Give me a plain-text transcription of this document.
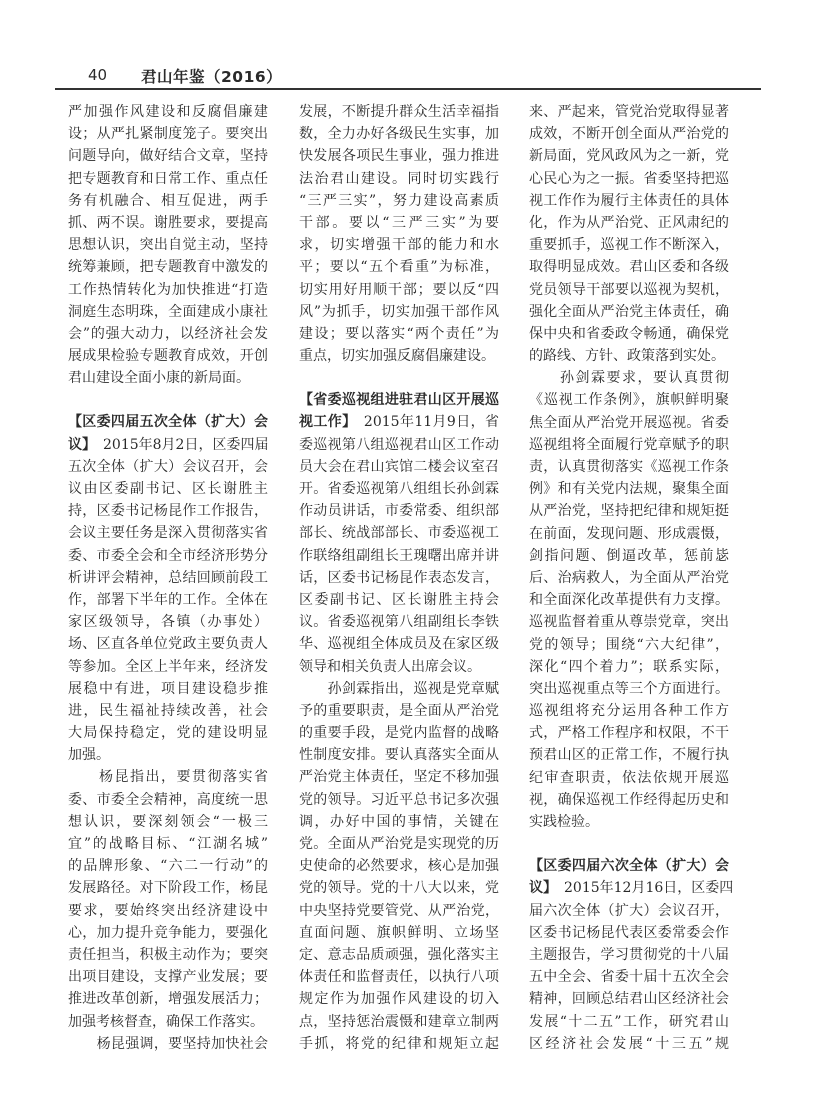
40 君山年鉴（2016）
严加强作风建设和反腐倡廉建
设；从严扎紧制度笼子。要突出
问题导向，做好结合文章，坚持
把专题教育和日常工作、重点任
务有机融合、相互促进，两手
抓、两不误。谢胜要求，要提高
思想认识，突出自觉主动，坚持
统筹兼顾，把专题教育中激发的
工作热情转化为加快推进“打造
洞庭生态明珠，全面建成小康社
会”的强大动力，以经济社会发
展成果检验专题教育成效，开创
君山建设全面小康的新局面。
【区委四届五次全体（扩大）会
议】　2015年8月2日，区委四届
五次全体（扩大）会议召开，会
议由区委副书记、区长谢胜主
持，区委书记杨昆作工作报告，
会议主要任务是深入贯彻落实省
委、市委全会和全市经济形势分
析讲评会精神，总结回顾前段工
作，部署下半年的工作。全体在
家区级领导，各镇（办事处）
场、区直各单位党政主要负责人
等参加。全区上半年来，经济发
展稳中有进，项目建设稳步推
进，民生福祉持续改善，社会
大局保持稳定，党的建设明显
加强。
　　杨昆指出，要贯彻落实省
委、市委全会精神，高度统一思
想认识，要深刻领会“一极三
宜”的战略目标、“江湖名城”
的品牌形象、“六二一行动”的
发展路径。对下阶段工作，杨昆
要求，要始终突出经济建设中
心，加力提升竞争能力，要强化
责任担当，积极主动作为；要突
出项目建设，支撑产业发展；要
推进改革创新，增强发展活力；
加强考核督查，确保工作落实。
　　杨昆强调，要坚持加快社会
发展，不断提升群众生活幸福指
数，全力办好各级民生实事，加
快发展各项民生事业，强力推进
法治君山建设。同时切实践行
“三严三实”，努力建设高素质
干部。要以“三严三实”为要
求，切实增强干部的能力和水
平；要以“五个看重”为标准，
切实用好用顺干部；要以反“四
风”为抓手，切实加强干部作风
建设；要以落实“两个责任”为
重点，切实加强反腐倡廉建设。
【省委巡视组进驻君山区开展巡
视工作】　2015年11月9日，省
委巡视第八组巡视君山区工作动
员大会在君山宾馆二楼会议室召
开。省委巡视第八组组长孙剑霖
作动员讲话，市委常委、组织部
部长、统战部部长、市委巡视工
作联络组副组长王瑰曙出席并讲
话，区委书记杨昆作表态发言，
区委副书记、区长谢胜主持会
议。省委巡视第八组副组长李铁
华、巡视组全体成员及在家区级
领导和相关负责人出席会议。
　　孙剑霖指出，巡视是党章赋
予的重要职责，是全面从严治党
的重要手段，是党内监督的战略
性制度安排。要认真落实全面从
严治党主体责任，坚定不移加强
党的领导。习近平总书记多次强
调，办好中国的事情，关键在
党。全面从严治党是实现党的历
史使命的必然要求，核心是加强
党的领导。党的十八大以来，党
中央坚持党要管党、从严治党，
直面问题、旗帜鲜明、立场坚
定、意志品质顽强，强化落实主
体责任和监督责任，以执行八项
规定作为加强作风建设的切入
点，坚持惩治震慑和建章立制两
手抓，将党的纪律和规矩立起
来、严起来，管党治党取得显著
成效，不断开创全面从严治党的
新局面，党风政风为之一新，党
心民心为之一振。省委坚持把巡
视工作作为履行主体责任的具体
化，作为从严治党、正风肃纪的
重要抓手，巡视工作不断深入，
取得明显成效。君山区委和各级
党员领导干部要以巡视为契机，
强化全面从严治党主体责任，确
保中央和省委政令畅通，确保党
的路线、方针、政策落到实处。
　　孙剑霖要求，要认真贯彻
《巡视工作条例》，旗帜鲜明聚
焦全面从严治党开展巡视。省委
巡视组将全面履行党章赋予的职
责，认真贯彻落实《巡视工作条
例》和有关党内法规，聚集全面
从严治党，坚持把纪律和规矩挺
在前面，发现问题、形成震慑，
剑指问题、倒逼改革，惩前毖
后、治病救人，为全面从严治党
和全面深化改革提供有力支撑。
巡视监督着重从尊崇党章，突出
党的领导；围绕“六大纪律”，
深化“四个着力”；联系实际，
突出巡视重点等三个方面进行。
巡视组将充分运用各种工作方
式，严格工作程序和权限，不干
预君山区的正常工作，不履行执
纪审查职责，依法依规开展巡
视，确保巡视工作经得起历史和
实践检验。
【区委四届六次全体（扩大）会
议】　2015年12月16日，区委四
届六次全体（扩大）会议召开，
区委书记杨昆代表区委常委会作
主题报告，学习贯彻党的十八届
五中全会、省委十届十五次全会
精神，回顾总结君山区经济社会
发展“十二五”工作，研究君山
区经济社会发展“十三五”规
